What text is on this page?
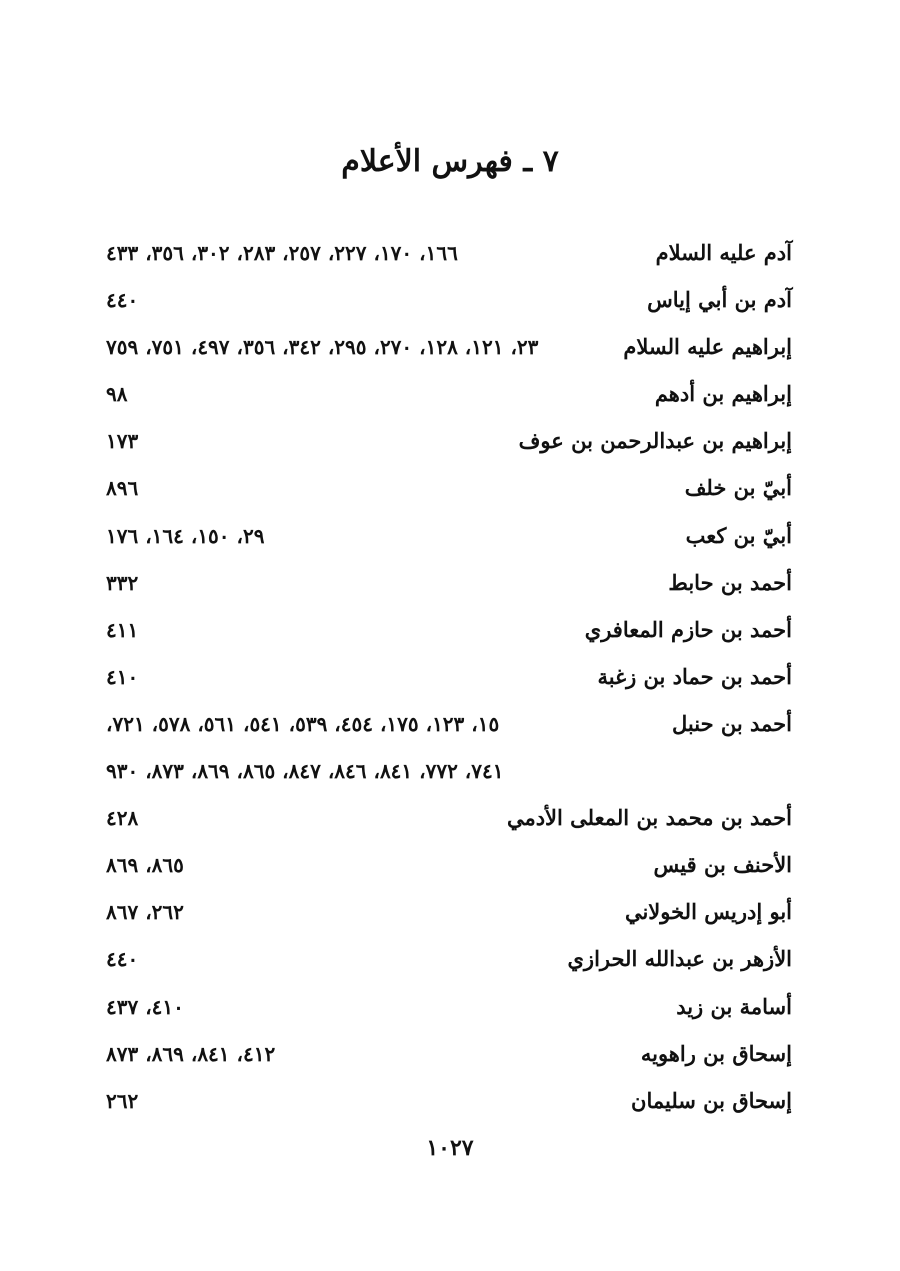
٧ ـ فهرس الأعلام
آدم عليه السلام
١٦٦، ١٧٠، ٢٢٧، ٢٥٧، ٢٨٣، ٣٠٢، ٣٥٦، ٤٣٣
آدم بن أبي إياس
٤٤٠
إبراهيم عليه السلام
٢٣، ١٢١، ١٢٨، ٢٧٠، ٢٩٥، ٣٤٢، ٣٥٦، ٤٩٧، ٧٥١، ٧٥٩
إبراهيم بن أدهم
٩٨
إبراهيم بن عبدالرحمن بن عوف
١٧٣
أبيّ بن خلف
٨٩٦
أبيّ بن كعب
٢٩، ١٥٠، ١٦٤، ١٧٦
أحمد بن حابط
٣٣٢
أحمد بن حازم المعافري
٤١١
أحمد بن حماد بن زغبة
٤١٠
أحمد بن حنبل
١٥، ١٢٣، ١٧٥، ٤٥٤، ٥٣٩، ٥٤١، ٥٦١، ٥٧٨، ٧٢١،
٧٤١، ٧٧٢، ٨٤١، ٨٤٦، ٨٤٧، ٨٦٥، ٨٦٩، ٨٧٣، ٩٣٠
أحمد بن محمد بن المعلى الأدمي
٤٢٨
الأحنف بن قيس
٨٦٥، ٨٦٩
أبو إدريس الخولاني
٢٦٢، ٨٦٧
الأزهر بن عبدالله الحرازي
٤٤٠
أسامة بن زيد
٤١٠، ٤٣٧
إسحاق بن راهويه
٤١٢، ٨٤١، ٨٦٩، ٨٧٣
إسحاق بن سليمان
٢٦٢
١٠٢٧
